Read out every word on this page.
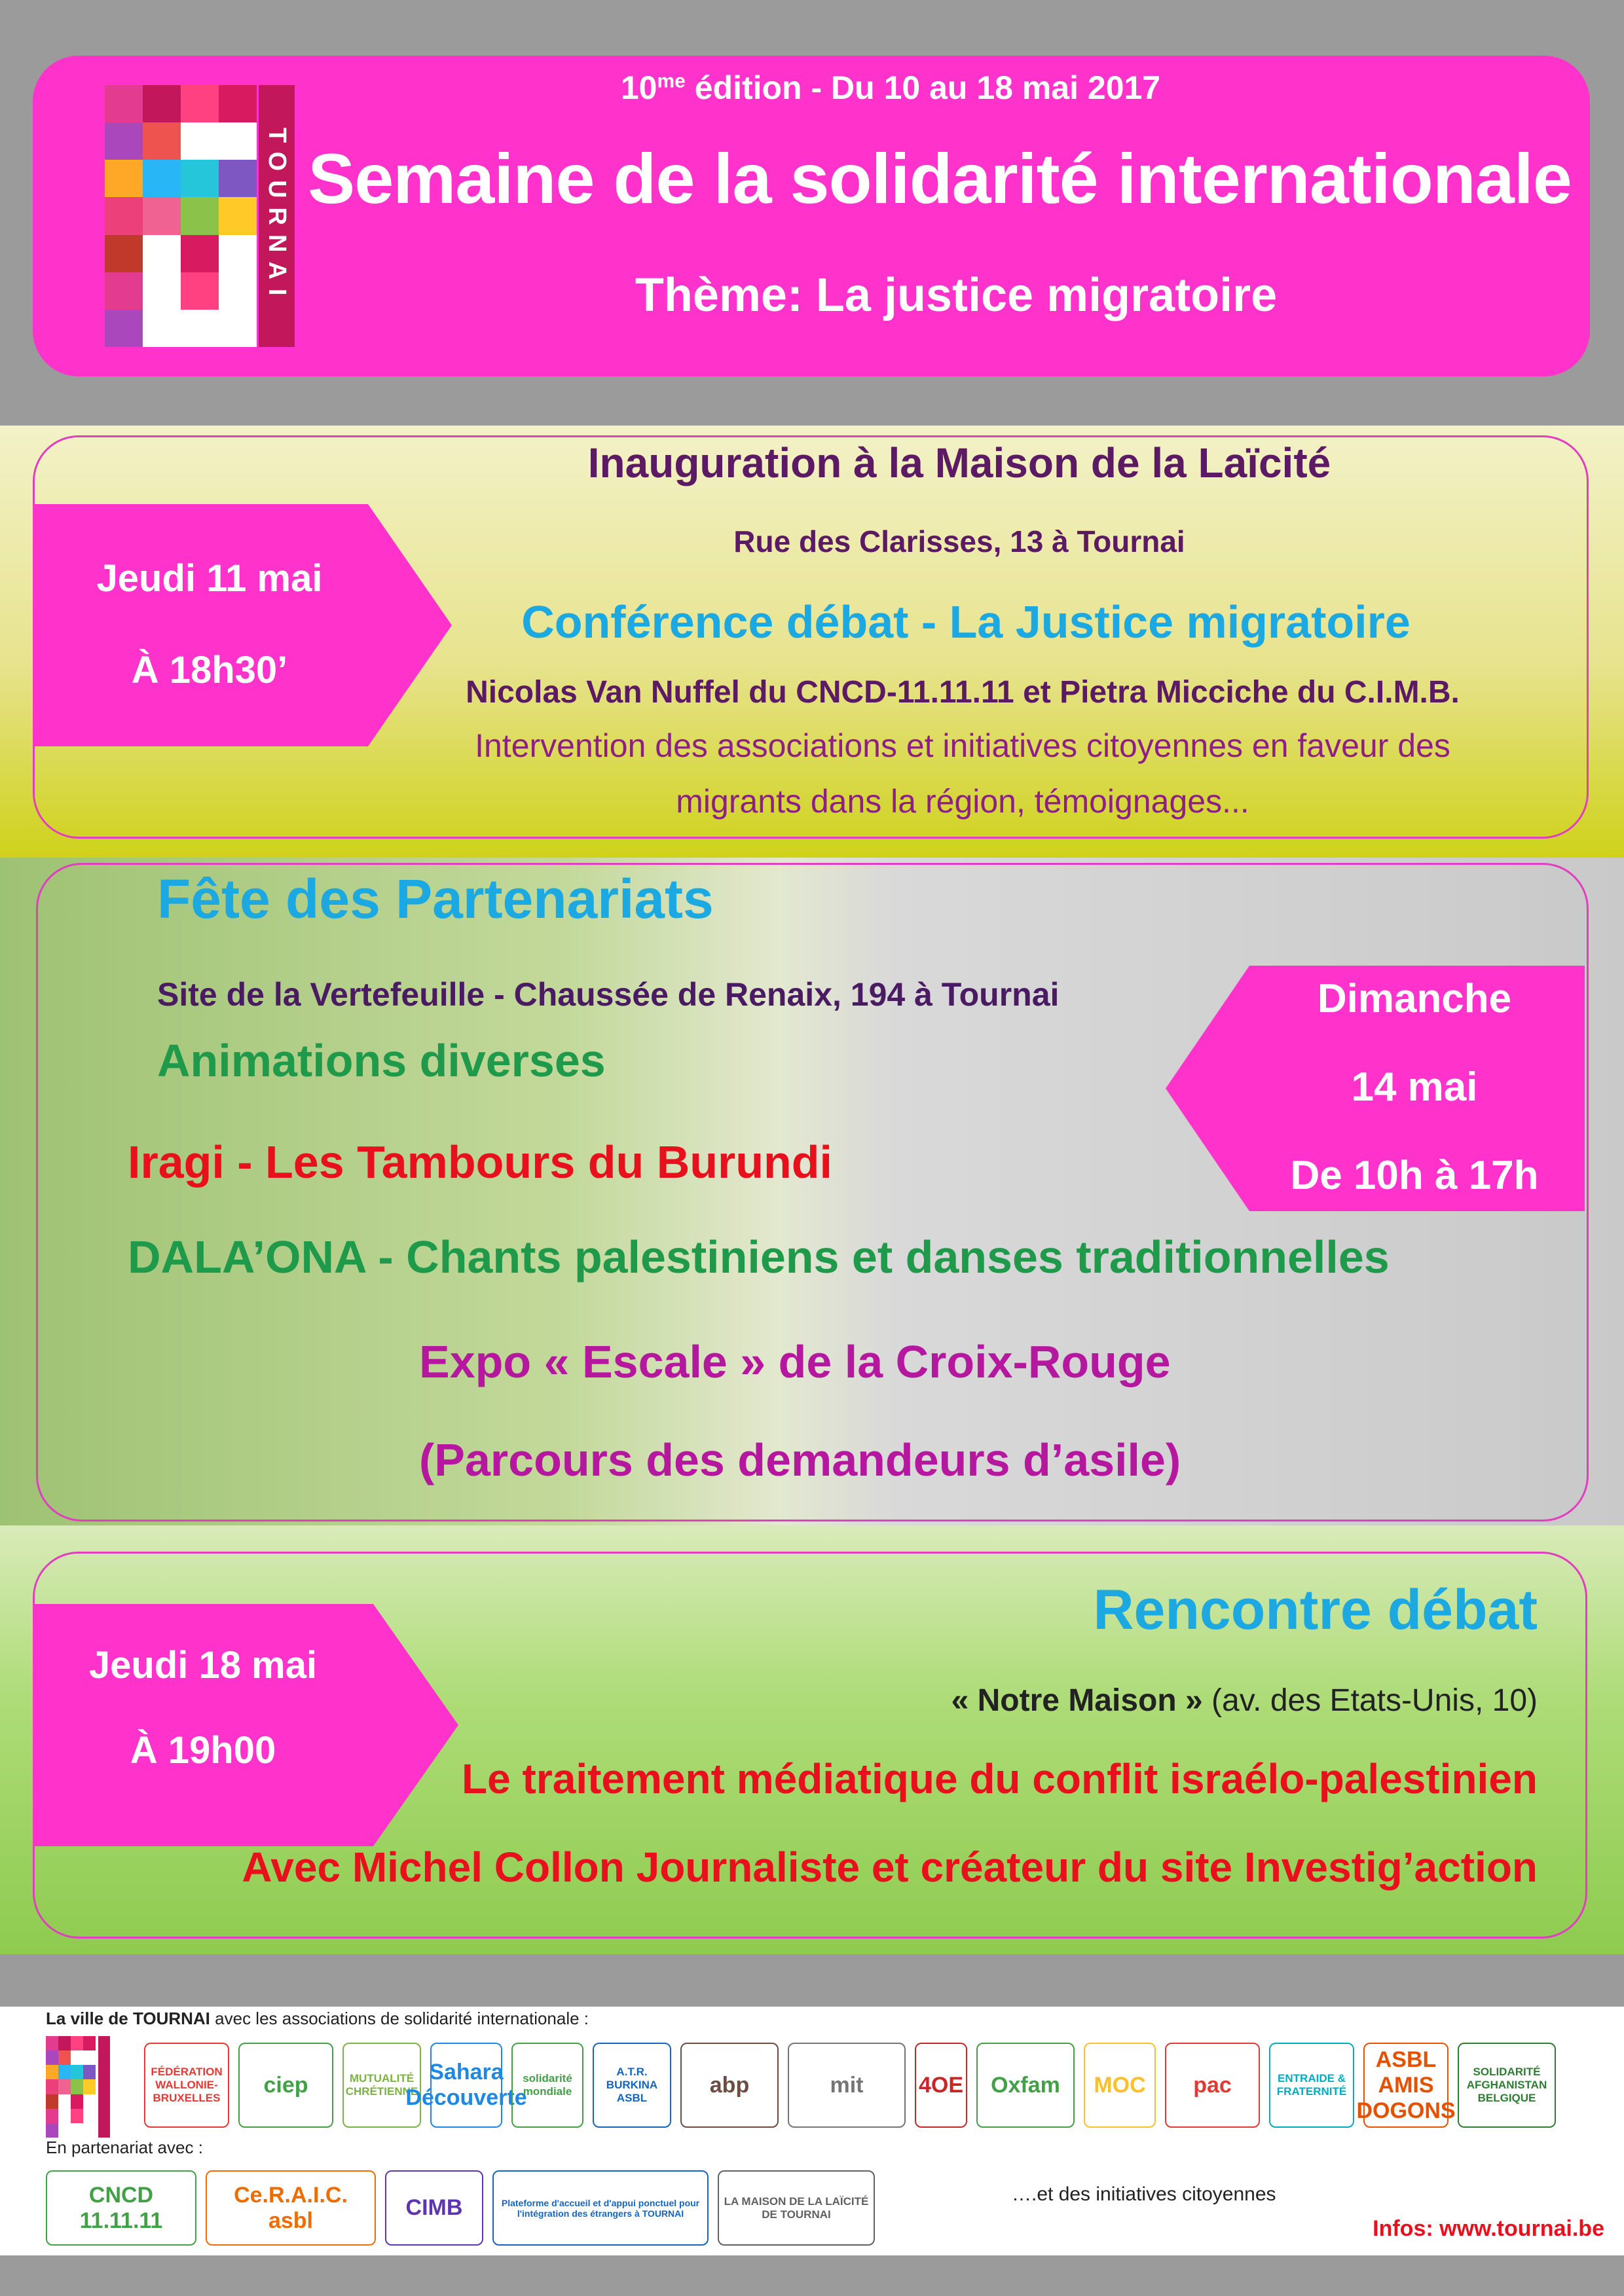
TOURNAI
$10^{me}$ édition - Du 10 au 18 mai 2017
Semaine de la solidarité internationale
Thème: La justice migratoire
Jeudi 11 mai
À 18h30’
Inauguration à la Maison de la Laïcité
Rue des Clarisses, 13 à Tournai
Conférence débat - La Justice migratoire
Nicolas Van Nuffel du CNCD-11.11.11 et Pietra Micciche du C.I.M.B.
Intervention des associations et initiatives citoyennes en faveur des
migrants dans la région, témoignages...
Fête des Partenariats
Site de la Vertefeuille - Chaussée de Renaix, 194 à Tournai
Animations diverses
Iragi - Les Tambours du Burundi
DALA’ONA - Chants palestiniens et danses traditionnelles
Expo « Escale » de la Croix-Rouge
(Parcours des demandeurs d’asile)
Dimanche
14 mai
De 10h à 17h
Jeudi 18 mai
À 19h00
Rencontre débat
« Notre Maison » (av. des Etats-Unis, 10)
Le traitement médiatique du conflit israélo-palestinien
Avec Michel Collon Journaliste et créateur du site Investig’action
La ville de TOURNAI avec les associations de solidarité internationale :
FÉDÉRATION WALLONIE-BRUXELLES
ciep	MUTUALITÉ CHRÉTIENNE
Sahara Découverte
solidarité mondiale
A.T.R. BURKINA ASBL
abp	mit	4OE	Oxfam	MOC	pac	ENTRAIDE & FRATERNITÉ
ASBL AMIS DOGONS
SOLIDARITÉ AFGHANISTAN BELGIQUE
En partenariat avec :
CNCD 11.11.11
Ce.R.A.I.C. asbl
CIMB	Plateforme d'accueil et d'appui ponctuel pour l'intégration des étrangers à TOURNAI
LA MAISON DE LA LAÏCITÉ DE TOURNAI
….et des initiatives citoyennes
Infos: www.tournai.be
